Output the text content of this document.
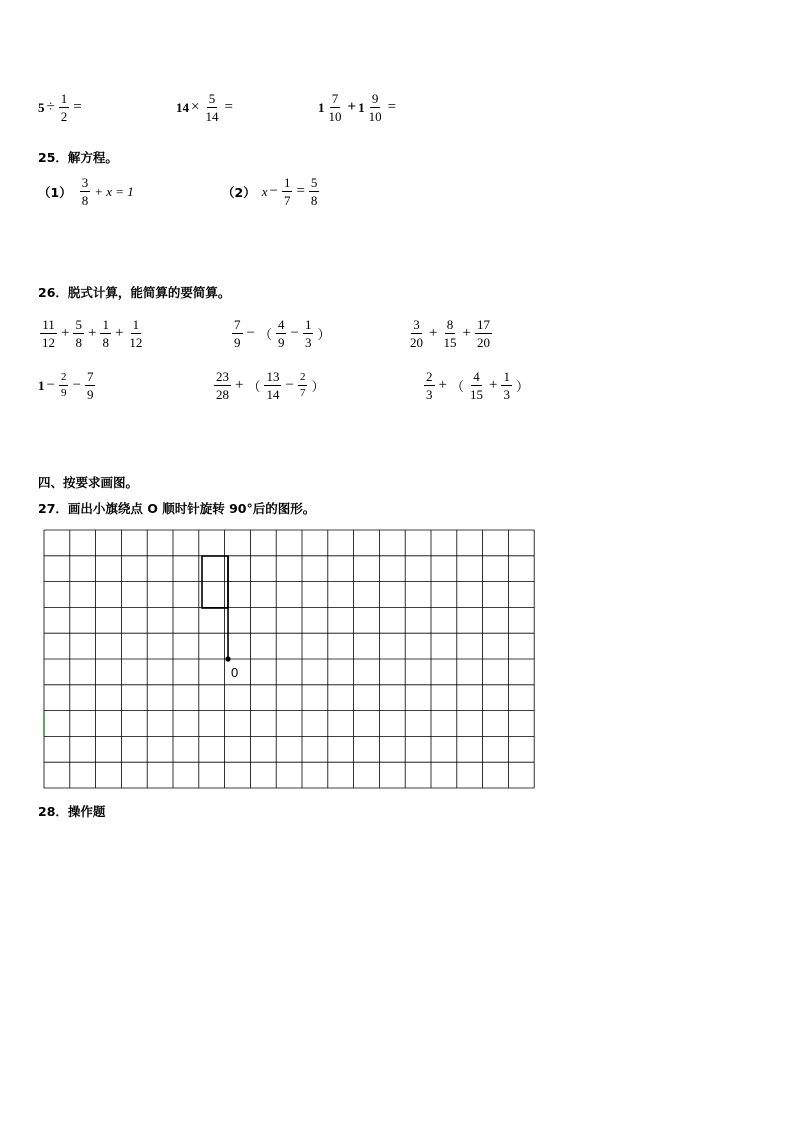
$5 \div \frac{1}{2}$ =	$14 \times \frac{5}{14}$ =	$1 \frac{7}{10} + 1 \frac{9}{10}$ =
25．解方程。
$(1) \frac{3}{8} + x = 1$	（2） $x - \frac{1}{7} = \frac{5}{8}$
26．脱式计算，能简算的要简算。
$\frac{11}{12} + \frac{5}{8} + \frac{1}{8} + \frac{1}{12}$	$\frac{7}{9}$ − （ $\frac{4}{9} - \frac{1}{3}$ ）	$\frac{3}{20} + \frac{8}{15} + \frac{17}{20}$
$1 - \frac{2}{9} - \frac{7}{9}$	$\frac{23}{28}$ + （ $\frac{13}{14} - \frac{2}{7}$ ）	$\frac{2}{3}$ + （ $\frac{4}{15} + \frac{1}{3}$ ）
四、按要求画图。
27．画出小旗绕点 O 顺时针旋转 90°后的图形。
0
28．操作题
